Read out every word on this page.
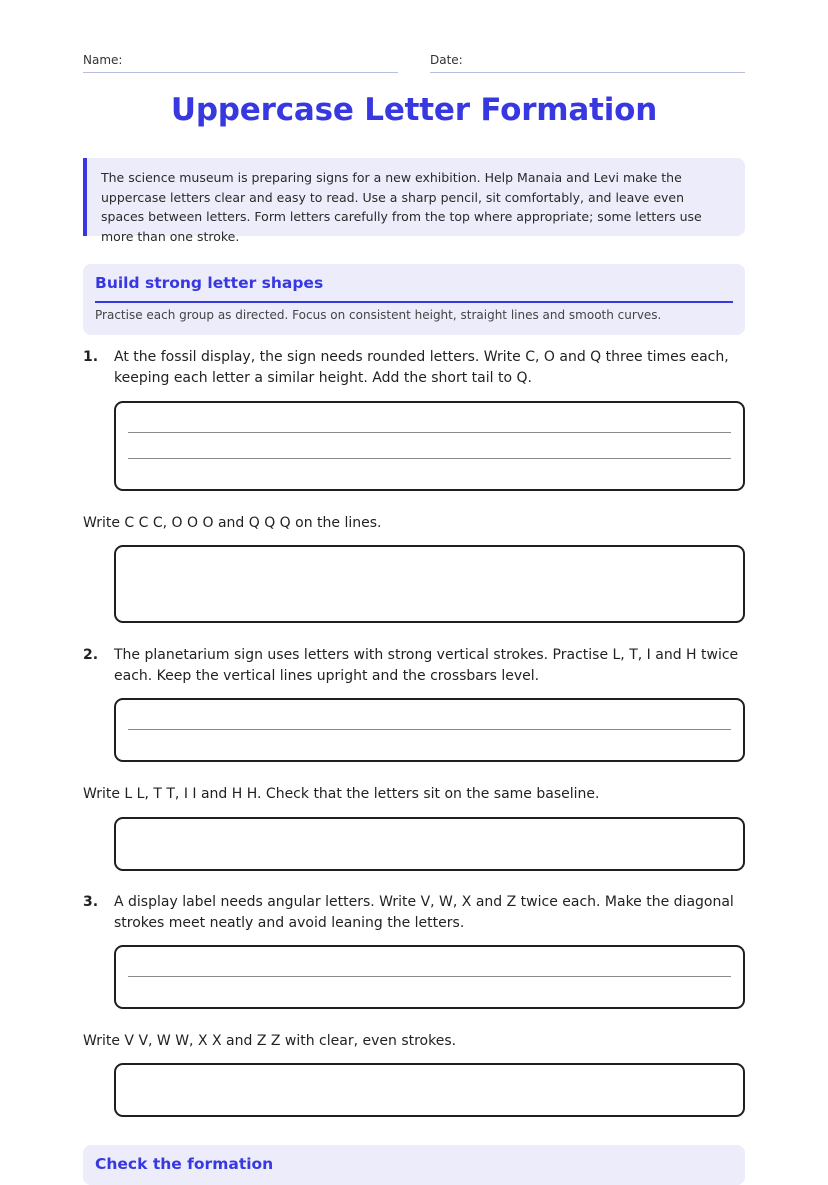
Name:	Date:
Uppercase Letter Formation
The science museum is preparing signs for a new exhibition. Help Manaia and Levi make the uppercase letters clear and easy to read. Use a sharp pencil, sit comfortably, and leave even spaces between letters. Form letters carefully from the top where appropriate; some letters use more than one stroke.
Build strong letter shapes
Practise each group as directed. Focus on consistent height, straight lines and smooth curves.
1. At the fossil display, the sign needs rounded letters. Write C, O and Q three times each, keeping each letter a similar height. Add the short tail to Q.
Write C C C, O O O and Q Q Q on the lines.
2. The planetarium sign uses letters with strong vertical strokes. Practise L, T, I and H twice each. Keep the vertical lines upright and the crossbars level.
Write L L, T T, I I and H H. Check that the letters sit on the same baseline.
3. A display label needs angular letters. Write V, W, X and Z twice each. Make the diagonal strokes meet neatly and avoid leaning the letters.
Write V V, W W, X X and Z Z with clear, even strokes.
Check the formation
